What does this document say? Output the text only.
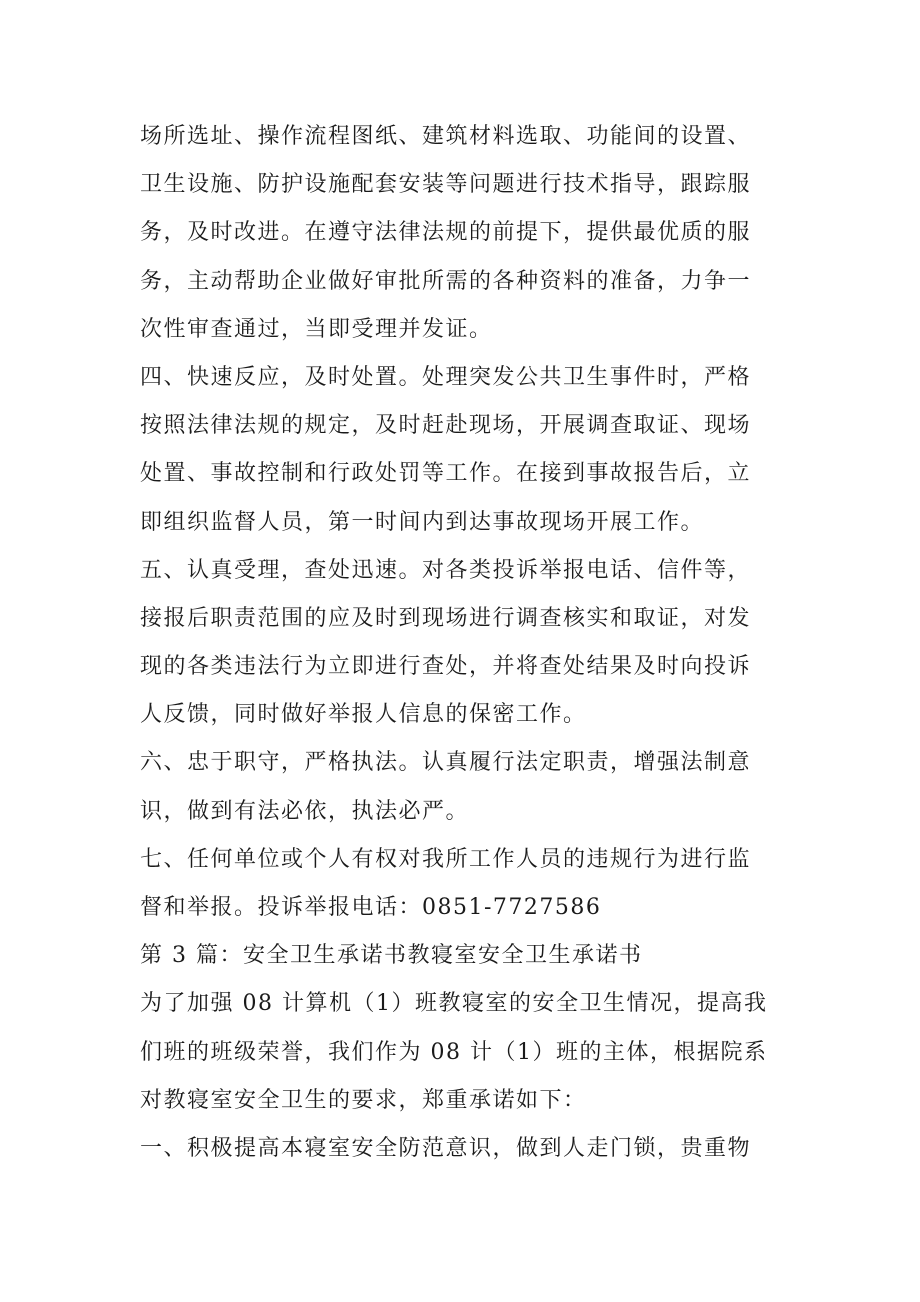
场所选址、操作流程图纸、建筑材料选取、功能间的设置、
卫生设施、防护设施配套安装等问题进行技术指导，跟踪服
务，及时改进。在遵守法律法规的前提下，提供最优质的服
务，主动帮助企业做好审批所需的各种资料的准备，力争一
次性审查通过，当即受理并发证。
四、快速反应，及时处置。处理突发公共卫生事件时，严格
按照法律法规的规定，及时赶赴现场，开展调查取证、现场
处置、事故控制和行政处罚等工作。在接到事故报告后，立
即组织监督人员，第一时间内到达事故现场开展工作。
五、认真受理，查处迅速。对各类投诉举报电话、信件等，
接报后职责范围的应及时到现场进行调查核实和取证，对发
现的各类违法行为立即进行查处，并将查处结果及时向投诉
人反馈，同时做好举报人信息的保密工作。
六、忠于职守，严格执法。认真履行法定职责，增强法制意
识，做到有法必依，执法必严。
七、任何单位或个人有权对我所工作人员的违规行为进行监
督和举报。投诉举报电话：0851-7727586
第 3 篇：安全卫生承诺书教寝室安全卫生承诺书
为了加强 08 计算机（1）班教寝室的安全卫生情况，提高我
们班的班级荣誉，我们作为 08 计（1）班的主体，根据院系
对教寝室安全卫生的要求，郑重承诺如下：
一、积极提高本寝室安全防范意识，做到人走门锁，贵重物
